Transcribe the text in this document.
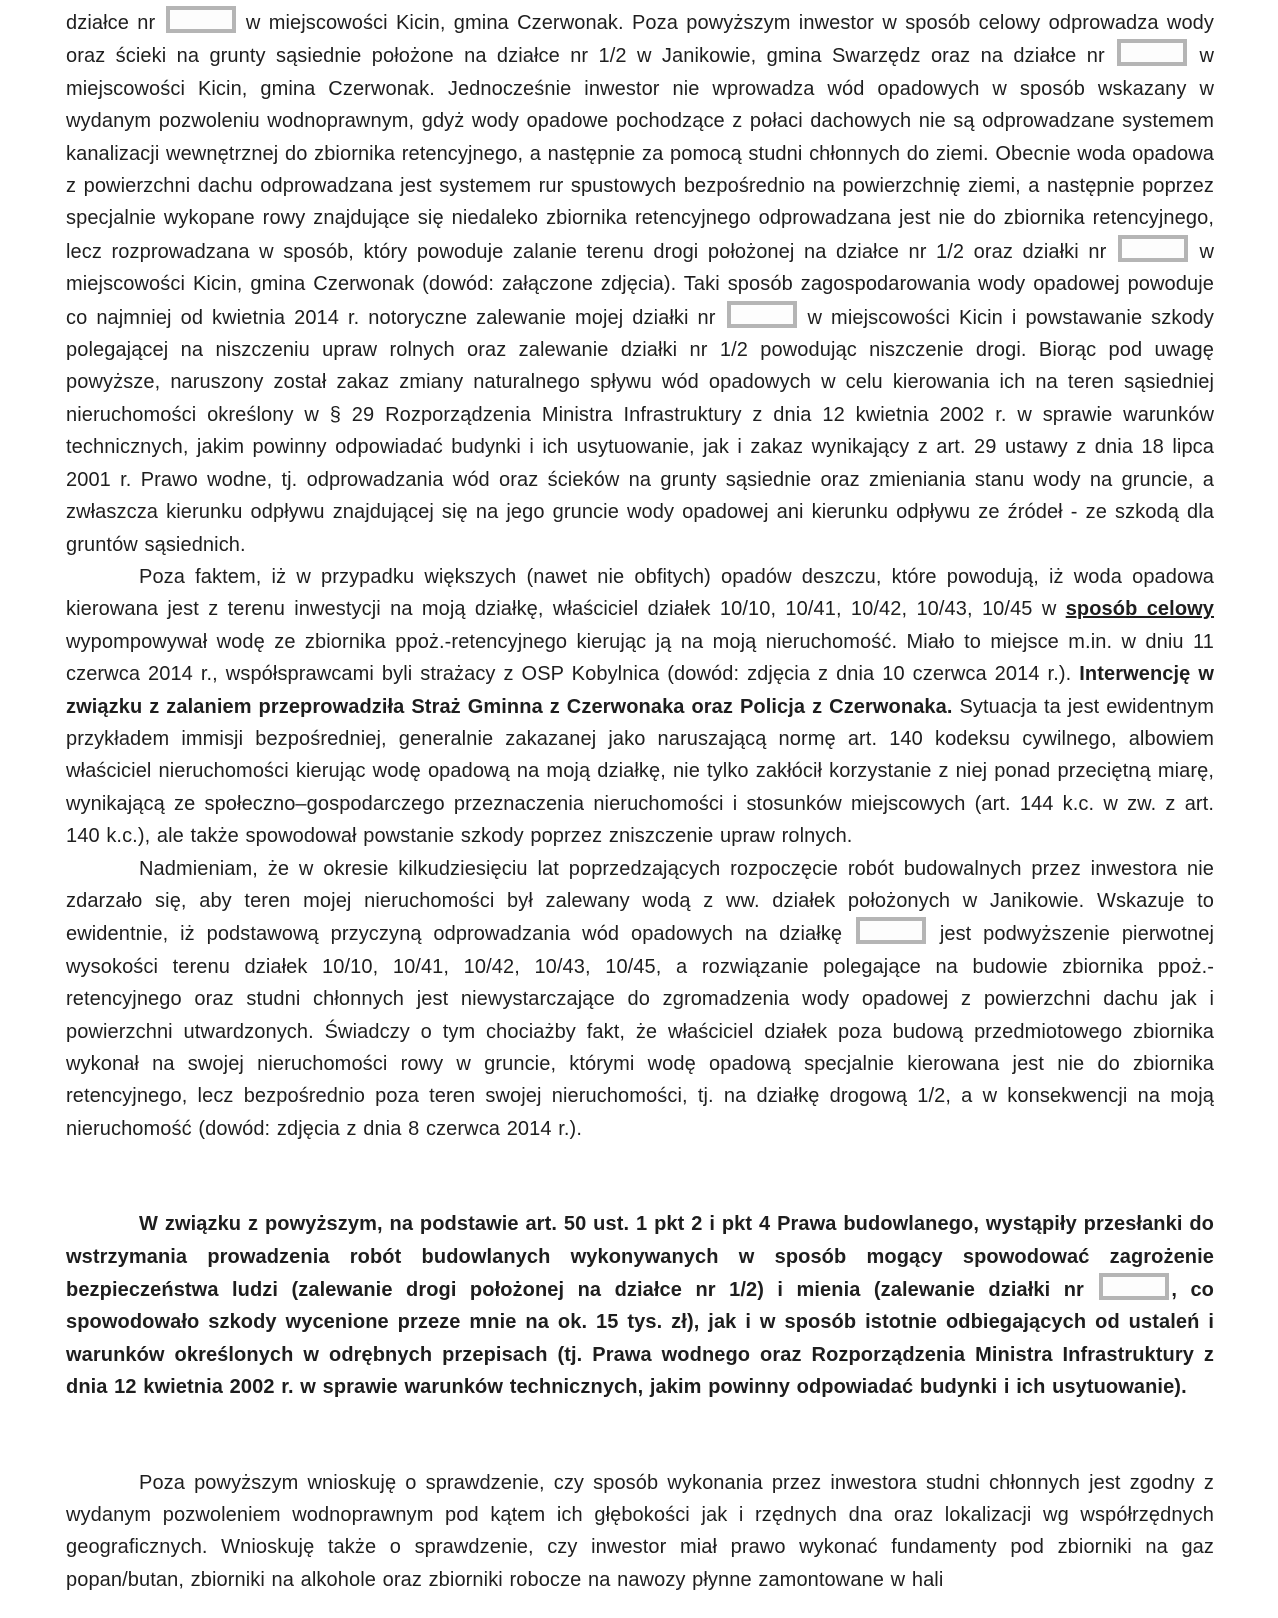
działce nr	w miejscowości Kicin, gmina Czerwonak. Poza powyższym inwestor w sposób celowy odprowadza wody oraz ścieki na grunty sąsiednie położone na działce nr 1/2 w Janikowie, gmina Swarzędz oraz na działce nr	w miejscowości Kicin, gmina Czerwonak. Jednocześnie inwestor nie wprowadza wód opadowych w sposób wskazany w wydanym pozwoleniu wodnoprawnym, gdyż wody opadowe pochodzące z połaci dachowych nie są odprowadzane systemem kanalizacji wewnętrznej do zbiornika retencyjnego, a następnie za pomocą studni chłonnych do ziemi. Obecnie woda opadowa z powierzchni dachu odprowadzana jest systemem rur spustowych bezpośrednio na powierzchnię ziemi, a następnie poprzez specjalnie wykopane rowy znajdujące się niedaleko zbiornika retencyjnego odprowadzana jest nie do zbiornika retencyjnego, lecz rozprowadzana w sposób, który powoduje zalanie terenu drogi położonej na działce nr 1/2 oraz działki nr	w miejscowości Kicin, gmina Czerwonak (dowód: załączone zdjęcia). Taki sposób zagospodarowania wody opadowej powoduje co najmniej od kwietnia 2014 r. notoryczne zalewanie mojej działki nr	w miejscowości Kicin i powstawanie szkody polegającej na niszczeniu upraw rolnych oraz zalewanie działki nr 1/2 powodując niszczenie drogi. Biorąc pod uwagę powyższe, naruszony został zakaz zmiany naturalnego spływu wód opadowych w celu kierowania ich na teren sąsiedniej nieruchomości określony w § 29 Rozporządzenia Ministra Infrastruktury z dnia 12 kwietnia 2002 r. w sprawie warunków technicznych, jakim powinny odpowiadać budynki i ich usytuowanie, jak i zakaz wynikający z art. 29 ustawy z dnia 18 lipca 2001 r. Prawo wodne, tj. odprowadzania wód oraz ścieków na grunty sąsiednie oraz zmieniania stanu wody na gruncie, a zwłaszcza kierunku odpływu znajdującej się na jego gruncie wody opadowej ani kierunku odpływu ze źródeł - ze szkodą dla gruntów sąsiednich.

Poza faktem, iż w przypadku większych (nawet nie obfitych) opadów deszczu, które powodują, iż woda opadowa kierowana jest z terenu inwestycji na moją działkę, właściciel działek 10/10, 10/41, 10/42, 10/43, 10/45 w sposób celowy wypompowywał wodę ze zbiornika ppoż.-retencyjnego kierując ją na moją nieruchomość. Miało to miejsce m.in. w dniu 11 czerwca 2014 r., współsprawcami byli strażacy z OSP Kobylnica (dowód: zdjęcia z dnia 10 czerwca 2014 r.). Interwencję w związku z zalaniem przeprowadziła Straż Gminna z Czerwonaka oraz Policja z Czerwonaka. Sytuacja ta jest ewidentnym przykładem immisji bezpośredniej, generalnie zakazanej jako naruszającą normę art. 140 kodeksu cywilnego, albowiem właściciel nieruchomości kierując wodę opadową na moją działkę, nie tylko zakłócił korzystanie z niej ponad przeciętną miarę, wynikającą ze społeczno–gospodarczego przeznaczenia nieruchomości i stosunków miejscowych (art. 144 k.c. w zw. z art. 140 k.c.), ale także spowodował powstanie szkody poprzez zniszczenie upraw rolnych.

Nadmieniam, że w okresie kilkudziesięciu lat poprzedzających rozpoczęcie robót budowalnych przez inwestora nie zdarzało się, aby teren mojej nieruchomości był zalewany wodą z ww. działek położonych w Janikowie. Wskazuje to ewidentnie, iż podstawową przyczyną odprowadzania wód opadowych na działkę	jest podwyższenie pierwotnej wysokości terenu działek 10/10, 10/41, 10/42, 10/43, 10/45, a rozwiązanie polegające na budowie zbiornika ppoż.-retencyjnego oraz studni chłonnych jest niewystarczające do zgromadzenia wody opadowej z powierzchni dachu jak i powierzchni utwardzonych. Świadczy o tym chociażby fakt, że właściciel działek poza budową przedmiotowego zbiornika wykonał na swojej nieruchomości rowy w gruncie, którymi wodę opadową specjalnie kierowana jest nie do zbiornika retencyjnego, lecz bezpośrednio poza teren swojej nieruchomości, tj. na działkę drogową 1/2, a w konsekwencji na moją nieruchomość (dowód: zdjęcia z dnia 8 czerwca 2014 r.).

W związku z powyższym, na podstawie art. 50 ust. 1 pkt 2 i pkt 4 Prawa budowlanego, wystąpiły przesłanki do wstrzymania prowadzenia robót budowlanych wykonywanych w sposób mogący spowodować zagrożenie bezpieczeństwa ludzi (zalewanie drogi położonej na działce nr 1/2) i mienia (zalewanie działki nr	, co spowodowało szkody wycenione przeze mnie na ok. 15 tys. zł), jak i w sposób istotnie odbiegających od ustaleń i warunków określonych w odrębnych przepisach (tj. Prawa wodnego oraz Rozporządzenia Ministra Infrastruktury z dnia 12 kwietnia 2002 r. w sprawie warunków technicznych, jakim powinny odpowiadać budynki i ich usytuowanie).

Poza powyższym wnioskuję o sprawdzenie, czy sposób wykonania przez inwestora studni chłonnych jest zgodny z wydanym pozwoleniem wodnoprawnym pod kątem ich głębokości jak i rzędnych dna oraz lokalizacji wg współrzędnych geograficznych. Wnioskuję także o sprawdzenie, czy inwestor miał prawo wykonać fundamenty pod zbiorniki na gaz popan/butan, zbiorniki na alkohole oraz zbiorniki robocze na nawozy płynne zamontowane w hali
